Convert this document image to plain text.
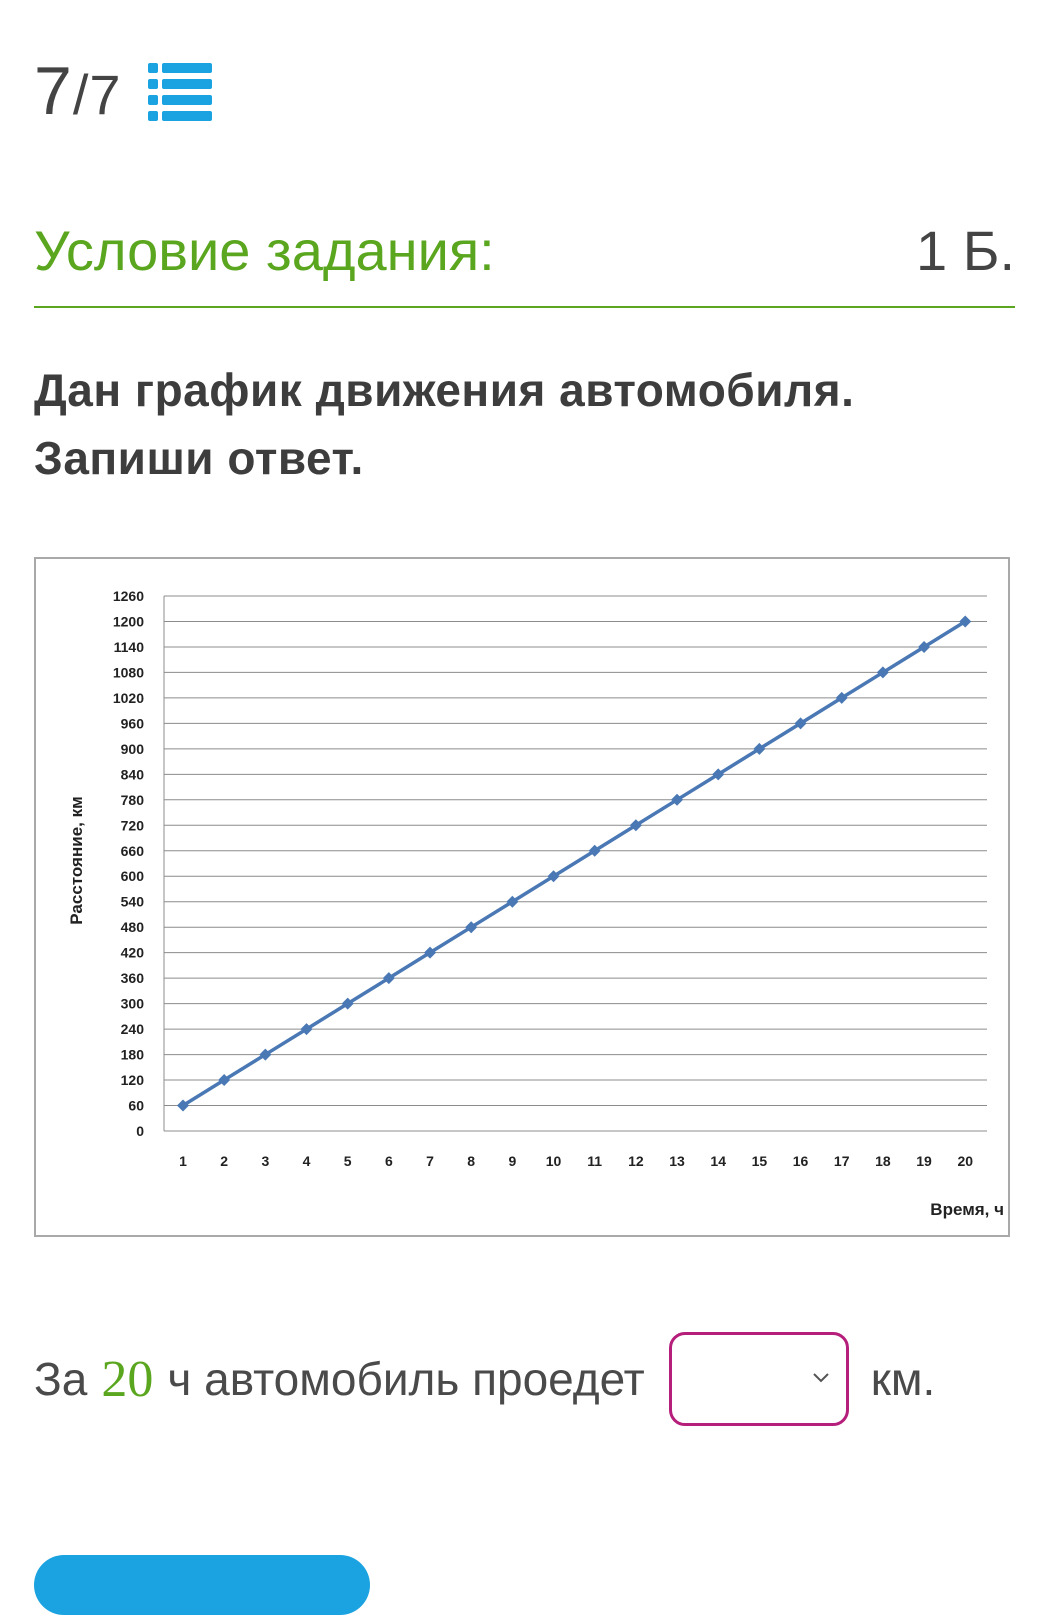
7/7
Условие задания:	1 Б.
Дан график движения автомобиля. Запиши ответ.
0
60
120
180
240
300
360
420
480
540
600
660
720
780
840
900
960
1020
1080
1140
1200
1260
1 2 3 4 5 6 7 8 9 10 11 12 13 14 15 16 17 18 19 20
Расстояние, км
Время, ч
За 20 ч автомобиль проедет	км.
